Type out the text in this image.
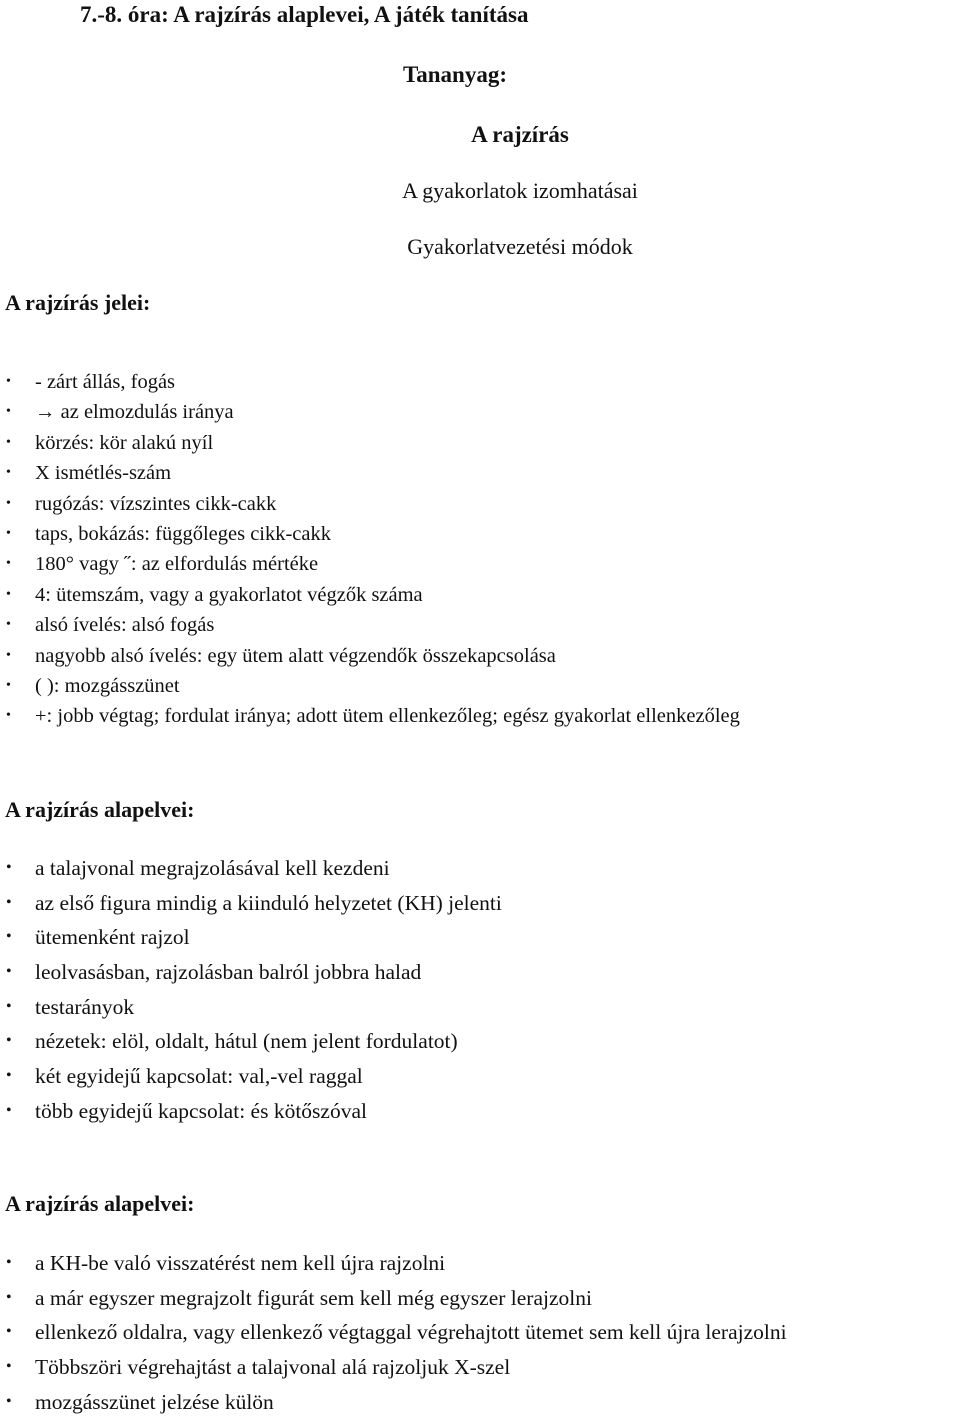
7.-8. óra: A rajzírás alaplevei, A játék tanítása
Tananyag:
A rajzírás
A gyakorlatok izomhatásai
Gyakorlatvezetési módok
A rajzírás jelei:
• - zárt állás, fogás
• → az elmozdulás iránya
• körzés: kör alakú nyíl
• X ismétlés-szám
• rugózás: vízszintes cikk-cakk
• taps, bokázás: függőleges cikk-cakk
• 180° vagy ˝: az elfordulás mértéke
• 4: ütemszám, vagy a gyakorlatot végzők száma
• alsó ívelés: alsó fogás
• nagyobb alsó ívelés: egy ütem alatt végzendők összekapcsolása
• ( ): mozgásszünet
• +: jobb végtag; fordulat iránya; adott ütem ellenkezőleg; egész gyakorlat ellenkezőleg
A rajzírás alapelvei:
• a talajvonal megrajzolásával kell kezdeni
• az első figura mindig a kiinduló helyzetet (KH) jelenti
• ütemenként rajzol
• leolvasásban, rajzolásban balról jobbra halad
• testarányok
• nézetek: elöl, oldalt, hátul (nem jelent fordulatot)
• két egyidejű kapcsolat: val,-vel raggal
• több egyidejű kapcsolat: és kötőszóval
A rajzírás alapelvei:
• a KH-be való visszatérést nem kell újra rajzolni
• a már egyszer megrajzolt figurát sem kell még egyszer lerajzolni
• ellenkező oldalra, vagy ellenkező végtaggal végrehajtott ütemet sem kell újra lerajzolni
• Többszöri végrehajtást a talajvonal alá rajzoljuk X-szel
• mozgásszünet jelzése külön
